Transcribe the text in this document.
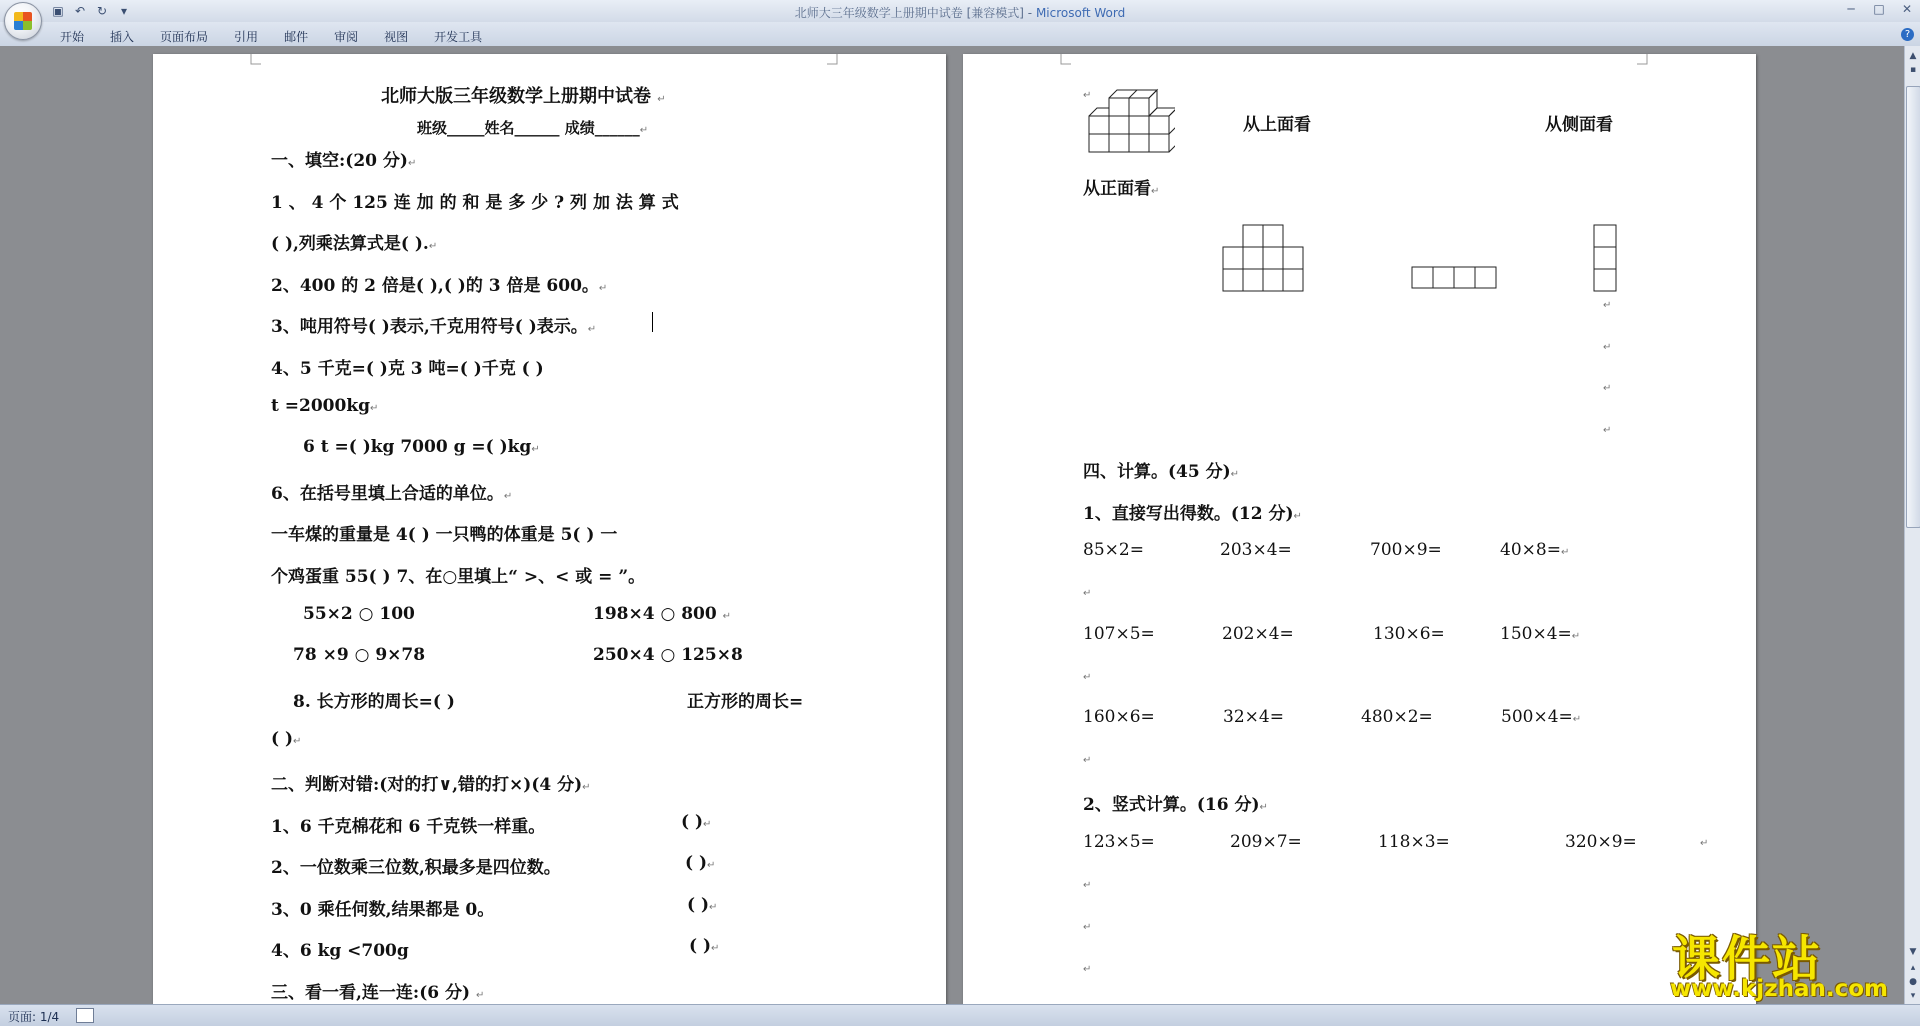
▣ ↶ ↻	▾	北师大三年级数学上册期中试卷 [兼容模式] - Microsoft Word	─ □ ✕
开始 插入 页面布局 引用 邮件 审阅 视图 开发工具	?
北师大版三年级数学上册期中试卷 ↵
班级_____姓名______ 成绩______↵
一、填空:(20 分)↵
1 、 4 个 125 连 加 的 和 是 多 少 ? 列 加 法 算 式
( ),列乘法算式是( ).↵
2、400 的 2 倍是( ),( )的 3 倍是 600。↵
3、吨用符号( )表示,千克用符号( )表示。↵
4、5 千克=( )克 3 吨=( )千克 ( )
t =2000kg↵
6 t =( )kg 7000 g =( )kg↵
6、在括号里填上合适的单位。↵
一车煤的重量是 4( ) 一只鸭的体重是 5( ) 一
个鸡蛋重 55( ) 7、在○里填上“ >、< 或 = ”。
55×2 ○ 100	198×4 ○ 800 ↵
78 ×9 ○ 9×78	250×4 ○ 125×8
8. 长方形的周长=( )	正方形的周长=
( )↵
二、判断对错:(对的打∨,错的打×)(4 分)↵
1、6 千克棉花和 6 千克铁一样重。	( )↵
2、一位数乘三位数,积最多是四位数。	( )↵
3、0 乘任何数,结果都是 0。	( )↵
4、6 kg <700g	( )↵
三、看一看,连一连:(6 分) ↵
↵
从上面看	从侧面看
从正面看↵
↵
↵
↵
↵
四、计算。(45 分)↵
1、直接写出得数。(12 分)↵
85×2=	203×4=	700×9=	40×8=↵
↵
107×5=	202×4=	130×6=	150×4=↵
↵
160×6=	32×4=	480×2=	500×4=↵
↵
2、竖式计算。(16 分)↵
123×5=	209×7=	118×3=	320×9=	↵
↵
↵
↵
▲
▪
▼
▴
●
▾
页面: 1/4
课件站
www.kjzhan.com
